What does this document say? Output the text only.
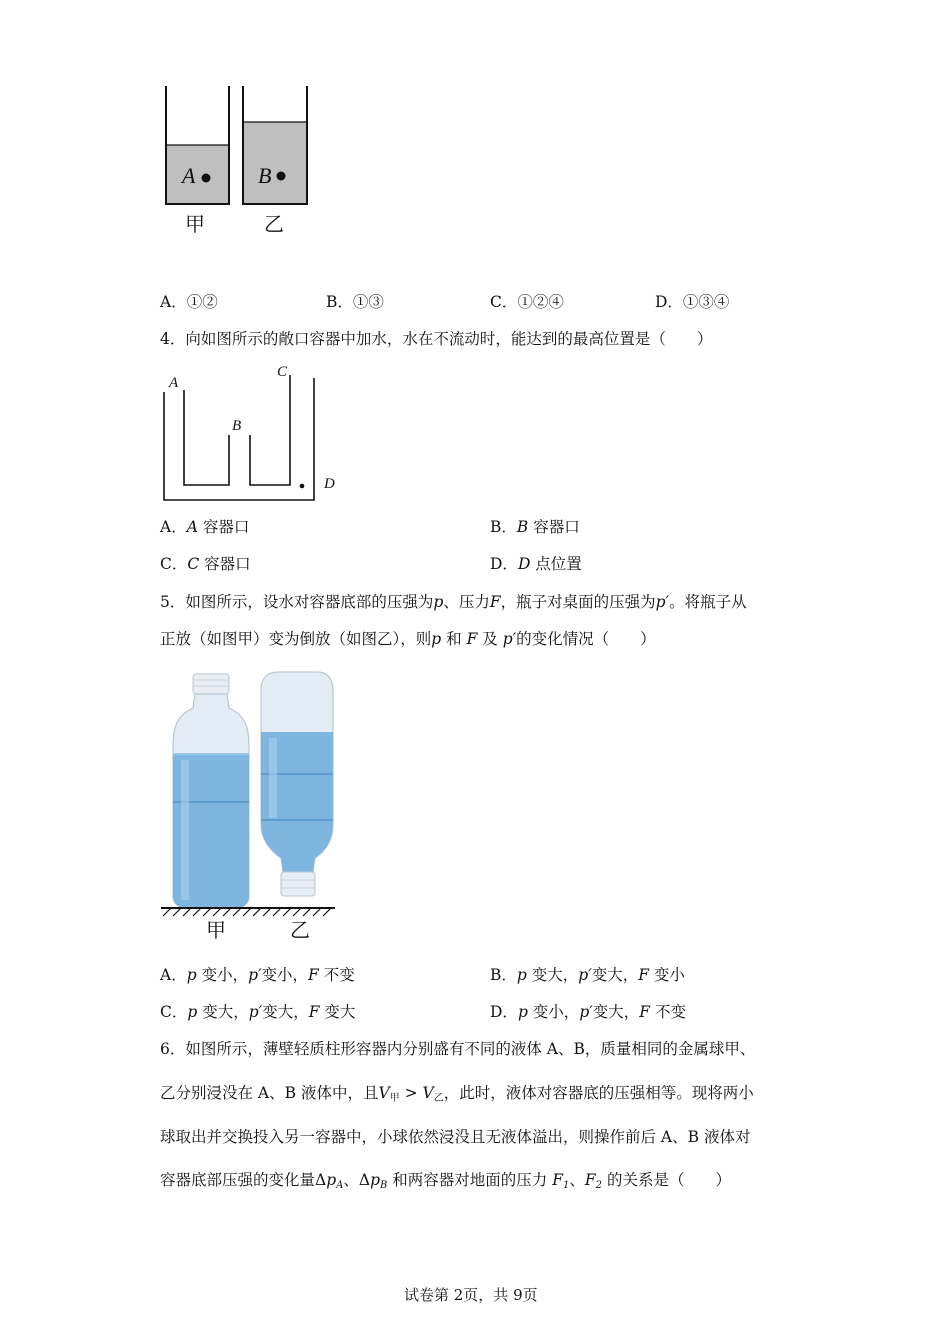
A	B
甲	乙
A．①②	B．①③	C．①②④	D．①③④
4．向如图所示的敞口容器中加水，水在不流动时，能达到的最高位置是（　　）
A
B
C
D
A．A 容器口	B．B 容器口
C．C 容器口	D．D 点位置
5．如图所示，设水对容器底部的压强为p、压力F，瓶子对桌面的压强为p′。将瓶子从
正放（如图甲）变为倒放（如图乙），则p 和 F 及 p′的变化情况（　　）
甲	乙
A．p 变小，p′变小，F 不变	B．p 变大，p′变大，F 变小
C．p 变大，p′变大，F 变大	D．p 变小，p′变大，F 不变
6．如图所示，薄壁轻质柱形容器内分别盛有不同的液体 A、B，质量相同的金属球甲、
乙分别浸没在 A、B 液体中，且$V_甲 > V_乙$，此时，液体对容器底的压强相等。现将两小
球取出并交换投入另一容器中，小球依然浸没且无液体溢出，则操作前后 A、B 液体对
容器底部压强的变化量$\Delta p_A$、$\Delta p_B$ 和两容器对地面的压力 $F_1$、$F_2$ 的关系是（　　）
试卷第 2页，共 9页
